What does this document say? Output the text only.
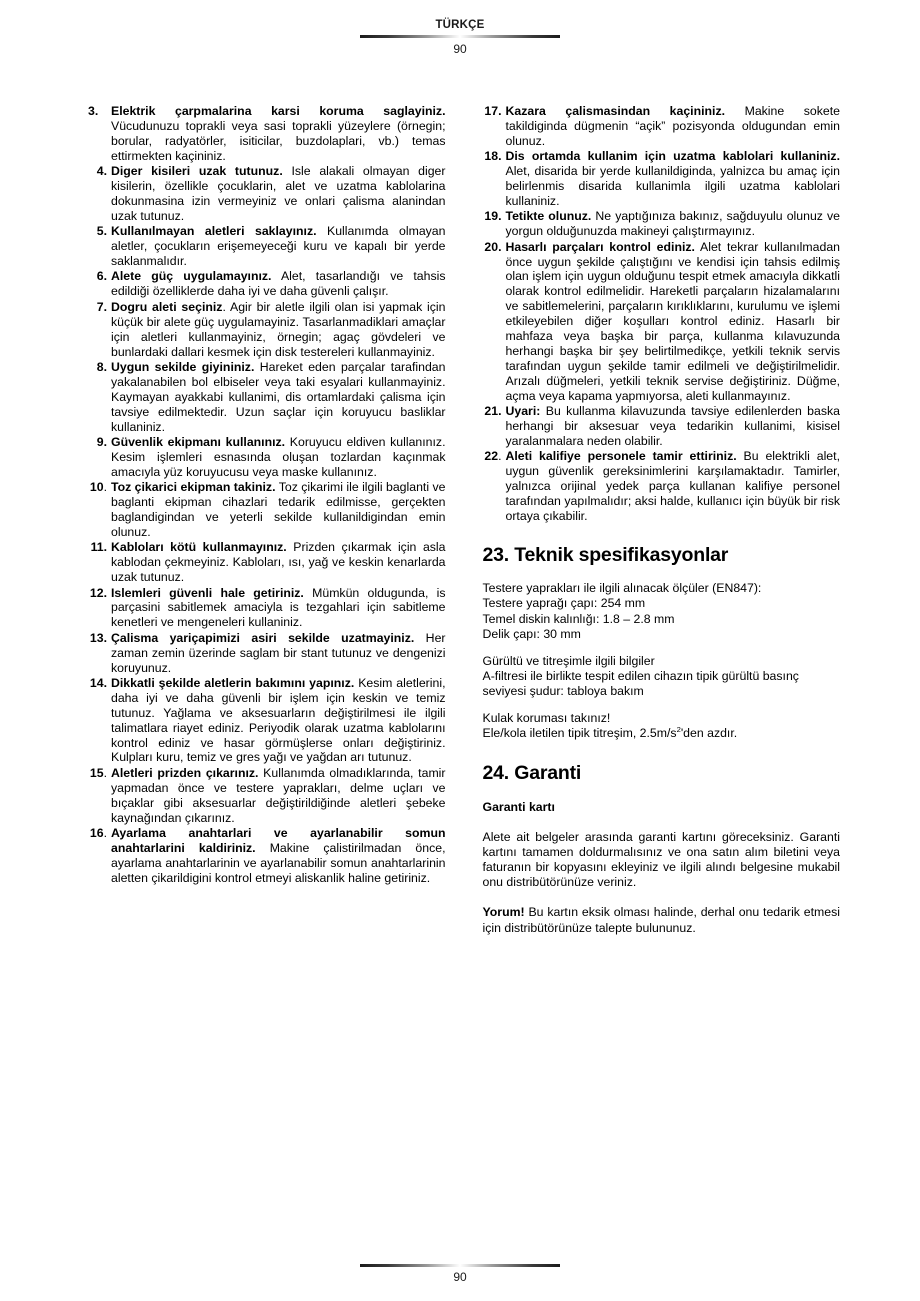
TÜRKÇE
90
3. Elektrik çarpmalarina karsi koruma saglayiniz. Vücudunuzu toprakli veya sasi toprakli yüzeylere (örnegin; borular, radyatörler, isiticilar, buzdolaplari, vb.) temas ettirmekten kaçininiz.
4. Diger kisileri uzak tutunuz. Isle alakali olmayan diger kisilerin, özellikle çocuklarin, alet ve uzatma kablolarina dokunmasina izin vermeyiniz ve onlari çalisma alanindan uzak tutunuz.
5. Kullanılmayan aletleri saklayınız. Kullanımda olmayan aletler, çocukların erişemeyeceği kuru ve kapalı bir yerde saklanmalıdır.
6. Alete güç uygulamayınız. Alet, tasarlandığı ve tahsis edildiği özelliklerde daha iyi ve daha güvenli çalışır.
7. Dogru aleti seçiniz. Agir bir aletle ilgili olan isi yapmak için küçük bir alete güç uygulamayiniz. Tasarlanmadiklari amaçlar için aletleri kullanmayiniz, örnegin; agaç gövdeleri ve bunlardaki dallari kesmek için disk testereleri kullanmayiniz.
8. Uygun sekilde giyininiz. Hareket eden parçalar tarafindan yakalanabilen bol elbiseler veya taki esyalari kullanmayiniz. Kaymayan ayakkabi kullanimi, dis ortamlardaki çalisma için tavsiye edilmektedir. Uzun saçlar için koruyucu basliklar kullaniniz.
9. Güvenlik ekipmanı kullanınız. Koruyucu eldiven kullanınız. Kesim işlemleri esnasında oluşan tozlardan kaçınmak amacıyla yüz koruyucusu veya maske kullanınız.
10 . Toz çikarici ekipman takiniz. Toz çikarimi ile ilgili baglanti ve baglanti ekipman cihazlari tedarik edilmisse, gerçekten baglandigindan ve yeterli sekilde kullanildigindan emin olunuz.
11. Kabloları kötü kullanmayınız. Prizden çıkarmak için asla kablodan çekmeyiniz. Kabloları, ısı, yağ ve keskin kenarlarda uzak tutunuz.
12. Islemleri güvenli hale getiriniz. Mümkün oldugunda, is parçasini sabitlemek amaciyla is tezgahlari için sabitleme kenetleri ve mengeneleri kullaniniz.
13. Çalisma yariçapimizi asiri sekilde uzatmayiniz. Her zaman zemin üzerinde saglam bir stant tutunuz ve dengenizi koruyunuz.
14. Dikkatli şekilde aletlerin bakımını yapınız. Kesim aletlerini, daha iyi ve daha güvenli bir işlem için keskin ve temiz tutunuz. Yağlama ve aksesuarların değiştirilmesi ile ilgili talimatlara riayet ediniz. Periyodik olarak uzatma kablolarını kontrol ediniz ve hasar görmüşlerse onları değiştiriniz. Kulpları kuru, temiz ve gres yağı ve yağdan arı tutunuz.
15 . Aletleri prizden çıkarınız. Kullanımda olmadıklarında, tamir yapmadan önce ve testere yaprakları, delme uçları ve bıçaklar gibi aksesuarlar değiştirildiğinde aletleri şebeke kaynağından çıkarınız.
16 . Ayarlama anahtarlari ve ayarlanabilir somun anahtarlarini kaldiriniz. Makine çalistirilmadan önce, ayarlama anahtarlarinin ve ayarlanabilir somun anahtarlarinin aletten çikarildigini kontrol etmeyi aliskanlik haline getiriniz.
17. Kazara çalismasindan kaçininiz. Makine sokete takildiginda dügmenin “açik” pozisyonda oldugundan emin olunuz.
18. Dis ortamda kullanim için uzatma kablolari kullaniniz. Alet, disarida bir yerde kullanildiginda, yalnizca bu amaç için belirlenmis disarida kullanimla ilgili uzatma kablolari kullaniniz.
19. Tetikte olunuz. Ne yaptığınıza bakınız, sağduyulu olunuz ve yorgun olduğunuzda makineyi çalıştırmayınız.
20. Hasarlı parçaları kontrol ediniz. Alet tekrar kullanılmadan önce uygun şekilde çalıştığını ve kendisi için tahsis edilmiş olan işlem için uygun olduğunu tespit etmek amacıyla dikkatli olarak kontrol edilmelidir. Hareketli parçaların hizalamalarını ve sabitlemelerini, parçaların kırıklıklarını, kurulumu ve işlemi etkileyebilen diğer koşulları kontrol ediniz. Hasarlı bir mahfaza veya başka bir parça, kullanma kılavuzunda herhangi başka bir şey belirtilmedikçe, yetkili teknik servis tarafından uygun şekilde tamir edilmeli ve değiştirilmelidir. Arızalı düğmeleri, yetkili teknik servise değiştiriniz. Düğme, açma veya kapama yapmıyorsa, aleti kullanmayınız.
21. Uyari: Bu kullanma kilavuzunda tavsiye edilenlerden baska herhangi bir aksesuar veya tedarikin kullanimi, kisisel yaralanmalara neden olabilir.
22 . Aleti kalifiye personele tamir ettiriniz. Bu elektrikli alet, uygun güvenlik gereksinimlerini karşılamaktadır. Tamirler, yalnızca orijinal yedek parça kullanan kalifiye personel tarafından yapılmalıdır; aksi halde, kullanıcı için büyük bir risk ortaya çıkabilir.
23. Teknik spesifikasyonlar

Testere yaprakları ile ilgili alınacak ölçüler (EN847):

Testere yaprağı çapı: 254 mm

Temel diskin kalınlığı: 1.8 – 2.8 mm

Delik çapı: 30 mm

Gürültü ve titreşimle ilgili bilgiler

A-filtresi ile birlikte tespit edilen cihazın tipik gürültü basınç seviyesi şudur: tabloya bakım

Kulak koruması takınız!

Ele/kola iletilen tipik titreşim, $2.5m/s^2'den$ azdır.

24. Garanti
Garanti kartı

Alete ait belgeler arasında garanti kartını göreceksiniz. Garanti kartını tamamen doldurmalısınız ve ona satın alım biletini veya faturanın bir kopyasını ekleyiniz ve ilgili alındı belgesine mukabil onu distribütörünüze veriniz.

Yorum! Bu kartın eksik olması halinde, derhal onu tedarik etmesi için distribütörünüze talepte bulununuz.

90
